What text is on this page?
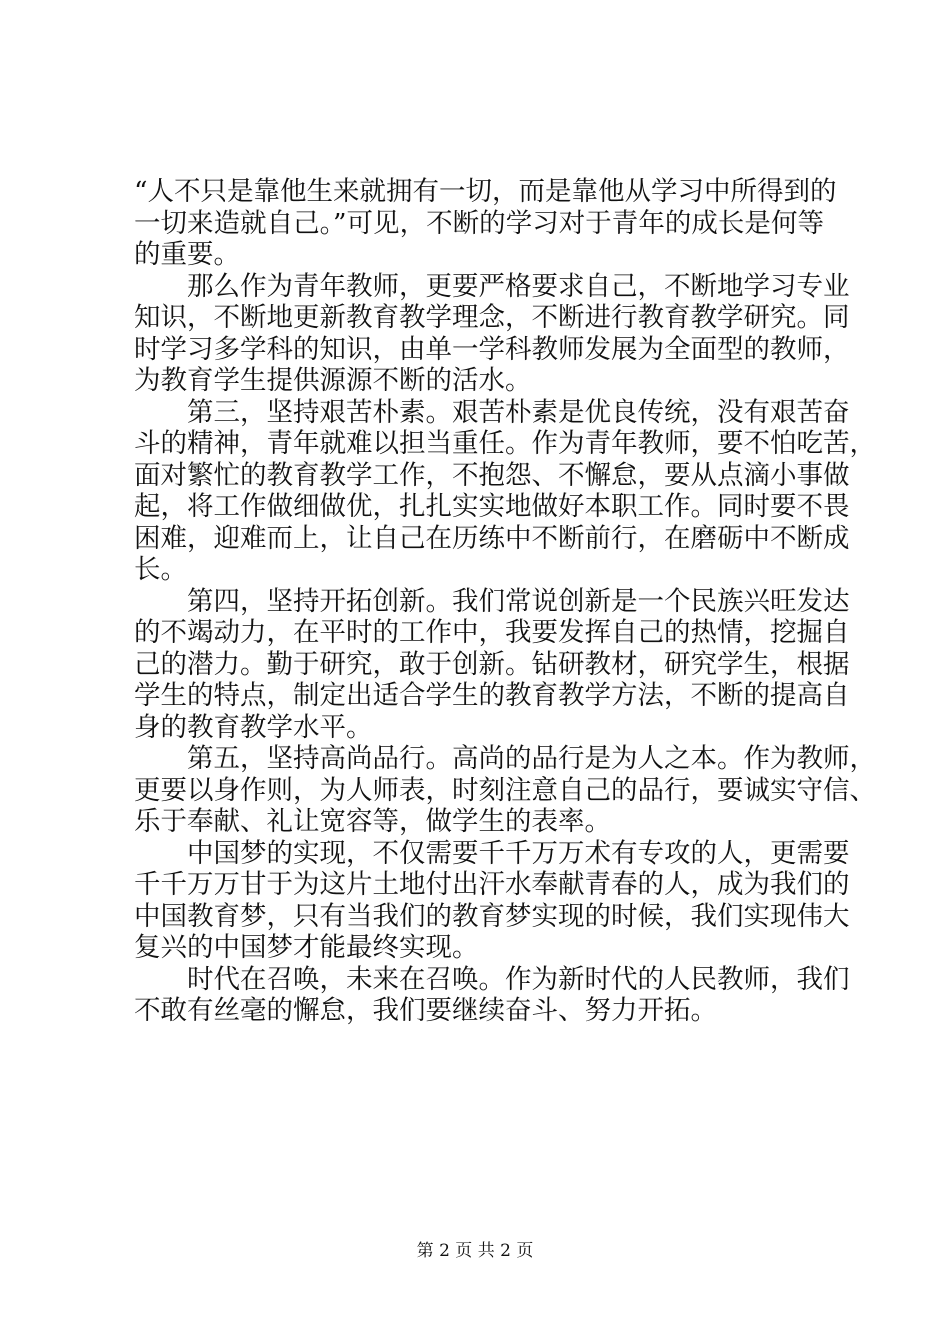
“人不只是靠他生来就拥有一切，而是靠他从学习中所得到的
一切来造就自己。”可见，不断的学习对于青年的成长是何等
的重要。
那么作为青年教师，更要严格要求自己，不断地学习专业
知识，不断地更新教育教学理念，不断进行教育教学研究。同
时学习多学科的知识，由单一学科教师发展为全面型的教师，
为教育学生提供源源不断的活水。
第三，坚持艰苦朴素。艰苦朴素是优良传统，没有艰苦奋
斗的精神，青年就难以担当重任。作为青年教师，要不怕吃苦，
面对繁忙的教育教学工作，不抱怨、不懈怠，要从点滴小事做
起，将工作做细做优，扎扎实实地做好本职工作。同时要不畏
困难，迎难而上，让自己在历练中不断前行，在磨砺中不断成
长。
第四，坚持开拓创新。我们常说创新是一个民族兴旺发达
的不竭动力，在平时的工作中，我要发挥自己的热情，挖掘自
己的潜力。勤于研究，敢于创新。钻研教材，研究学生，根据
学生的特点，制定出适合学生的教育教学方法，不断的提高自
身的教育教学水平。
第五，坚持高尚品行。高尚的品行是为人之本。作为教师，
更要以身作则，为人师表，时刻注意自己的品行，要诚实守信、
乐于奉献、礼让宽容等，做学生的表率。
中国梦的实现，不仅需要千千万万术有专攻的人，更需要
千千万万甘于为这片土地付出汗水奉献青春的人，成为我们的
中国教育梦，只有当我们的教育梦实现的时候，我们实现伟大
复兴的中国梦才能最终实现。
时代在召唤，未来在召唤。作为新时代的人民教师，我们
不敢有丝毫的懈怠，我们要继续奋斗、努力开拓。
第 2 页 共 2 页
